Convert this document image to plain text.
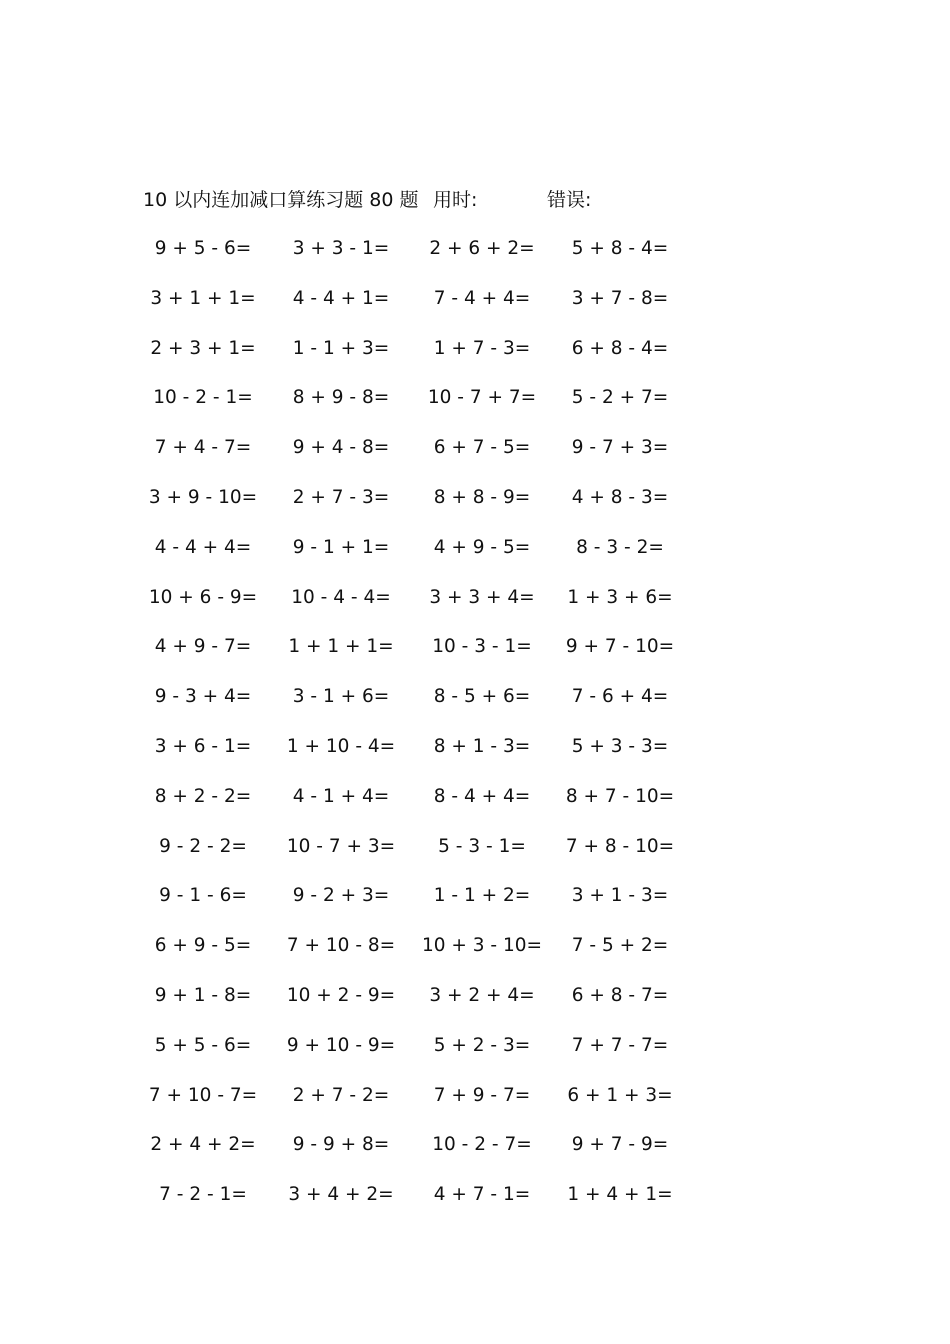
10 以内连加减口算练习题 80 题 用时:	错误:
9 + 5 - 6=	3 + 3 - 1=	2 + 6 + 2=	5 + 8 - 4=
3 + 1 + 1=	4 - 4 + 1=	7 - 4 + 4=	3 + 7 - 8=
2 + 3 + 1=	1 - 1 + 3=	1 + 7 - 3=	6 + 8 - 4=
10 - 2 - 1=	8 + 9 - 8=	10 - 7 + 7=	5 - 2 + 7=
7 + 4 - 7=	9 + 4 - 8=	6 + 7 - 5=	9 - 7 + 3=
3 + 9 - 10=	2 + 7 - 3=	8 + 8 - 9=	4 + 8 - 3=
4 - 4 + 4=	9 - 1 + 1=	4 + 9 - 5=	8 - 3 - 2=
10 + 6 - 9=	10 - 4 - 4=	3 + 3 + 4=	1 + 3 + 6=
4 + 9 - 7=	1 + 1 + 1=	10 - 3 - 1=	9 + 7 - 10=
9 - 3 + 4=	3 - 1 + 6=	8 - 5 + 6=	7 - 6 + 4=
3 + 6 - 1=	1 + 10 - 4=	8 + 1 - 3=	5 + 3 - 3=
8 + 2 - 2=	4 - 1 + 4=	8 - 4 + 4=	8 + 7 - 10=
9 - 2 - 2=	10 - 7 + 3=	5 - 3 - 1=	7 + 8 - 10=
9 - 1 - 6=	9 - 2 + 3=	1 - 1 + 2=	3 + 1 - 3=
6 + 9 - 5=	7 + 10 - 8=	10 + 3 - 10=	7 - 5 + 2=
9 + 1 - 8=	10 + 2 - 9=	3 + 2 + 4=	6 + 8 - 7=
5 + 5 - 6=	9 + 10 - 9=	5 + 2 - 3=	7 + 7 - 7=
7 + 10 - 7=	2 + 7 - 2=	7 + 9 - 7=	6 + 1 + 3=
2 + 4 + 2=	9 - 9 + 8=	10 - 2 - 7=	9 + 7 - 9=
7 - 2 - 1=	3 + 4 + 2=	4 + 7 - 1=	1 + 4 + 1=
